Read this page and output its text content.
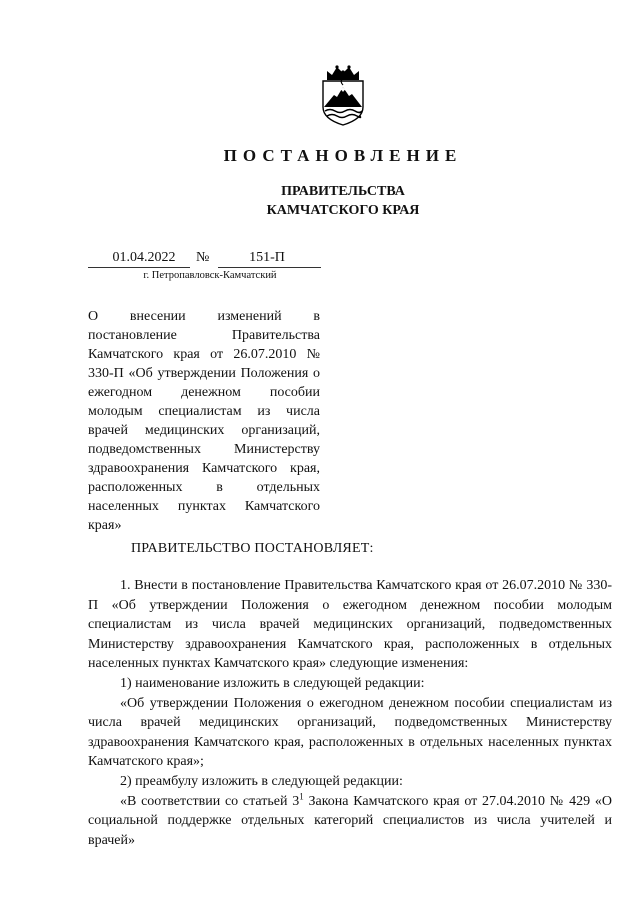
ПОСТАНОВЛЕНИЕ
ПРАВИТЕЛЬСТВА
КАМЧАТСКОГО КРАЯ
01.04.2022	№	151-П
г. Петропавловск-Камчатский
О внесении изменений в постановление Правительства Камчатского края от 26.07.2010 № 330-П «Об утверждении Положения о ежегодном денежном пособии молодым специалистам из числа врачей медицинских организаций, подведомственных Министерству здравоохранения Камчатского края, расположенных в отдельных населенных пунктах Камчатского края»
ПРАВИТЕЛЬСТВО ПОСТАНОВЛЯЕТ:

1. Внести в постановление Правительства Камчатского края от 26.07.2010 № 330-П «Об утверждении Положения о ежегодном денежном пособии молодым специалистам из числа врачей медицинских организаций, подведомственных Министерству здравоохранения Камчатского края, расположенных в отдельных населенных пунктах Камчатского края» следующие изменения:

1) наименование изложить в следующей редакции:

«Об утверждении Положения о ежегодном денежном пособии специалистам из числа врачей медицинских организаций, подведомственных Министерству здравоохранения Камчатского края, расположенных в отдельных населенных пунктах Камчатского края»;

2) преамбулу изложить в следующей редакции:

«В соответствии со статьей $3^1$ Закона Камчатского края от 27.04.2010 № 429 «О социальной поддержке отдельных категорий специалистов из числа учителей и врачей»
